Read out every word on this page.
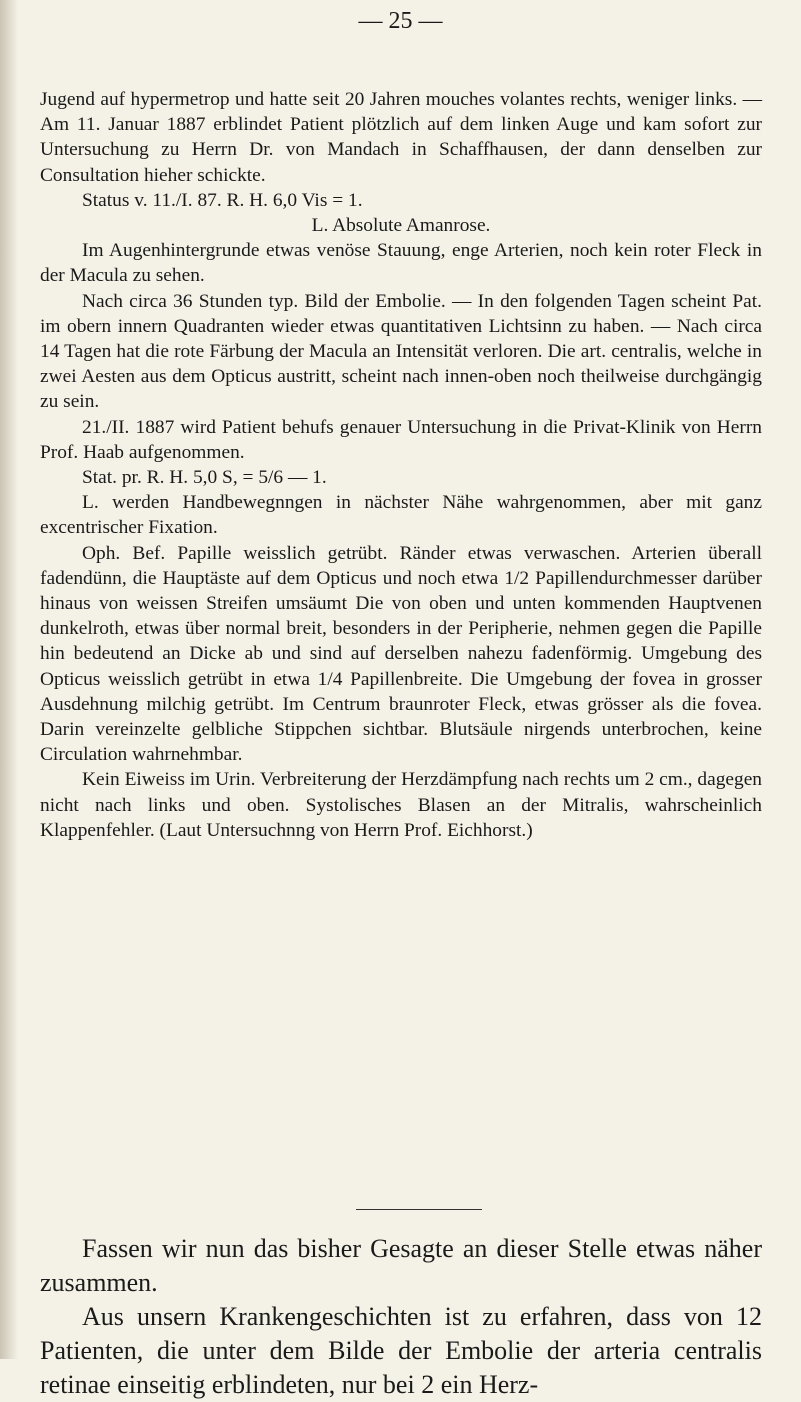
— 25 —

Jugend auf hypermetrop und hatte seit 20 Jahren mouches volantes rechts, weniger links. — Am 11. Januar 1887 erblindet Patient plötzlich auf dem linken Auge und kam sofort zur Untersuchung zu Herrn Dr. von Mandach in Schaffhausen, der dann denselben zur Consultation hieher schickte.

Status v. 11./I. 87. R. H. 6,0 Vis = 1.

L. Absolute Amanrose.

Im Augenhintergrunde etwas venöse Stauung, enge Arterien, noch kein roter Fleck in der Macula zu sehen.

Nach circa 36 Stunden typ. Bild der Embolie. — In den folgenden Tagen scheint Pat. im obern innern Quadranten wieder etwas quantitativen Lichtsinn zu haben. — Nach circa 14 Tagen hat die rote Färbung der Macula an Intensität verloren. Die art. centralis, welche in zwei Aesten aus dem Opticus austritt, scheint nach innen-oben noch theilweise durchgängig zu sein.

21./II. 1887 wird Patient behufs genauer Untersuchung in die Privat-Klinik von Herrn Prof. Haab aufgenommen.

Stat. pr. R. H. 5,0 S, = 5/6 — 1.

L. werden Handbewegnngen in nächster Nähe wahrgenommen, aber mit ganz excentrischer Fixation.

Oph. Bef. Papille weisslich getrübt. Ränder etwas verwaschen. Arterien überall fadendünn, die Hauptäste auf dem Opticus und noch etwa 1/2 Papillendurchmesser darüber hinaus von weissen Streifen umsäumt Die von oben und unten kommenden Hauptvenen dunkelroth, etwas über normal breit, besonders in der Peripherie, nehmen gegen die Papille hin bedeutend an Dicke ab und sind auf derselben nahezu fadenförmig. Umgebung des Opticus weisslich getrübt in etwa 1/4 Papillenbreite. Die Umgebung der fovea in grosser Ausdehnung milchig getrübt. Im Centrum braunroter Fleck, etwas grösser als die fovea. Darin vereinzelte gelbliche Stippchen sichtbar. Blutsäule nirgends unterbrochen, keine Circulation wahrnehmbar.

Kein Eiweiss im Urin. Verbreiterung der Herzdämpfung nach rechts um 2 cm., dagegen nicht nach links und oben. Systolisches Blasen an der Mitralis, wahrscheinlich Klappenfehler. (Laut Untersuchnng von Herrn Prof. Eichhorst.)

Fassen wir nun das bisher Gesagte an dieser Stelle etwas näher zusammen.

Aus unsern Krankengeschichten ist zu erfahren, dass von 12 Patienten, die unter dem Bilde der Embolie der arteria centralis retinae einseitig erblindeten, nur bei 2 ein Herz-
